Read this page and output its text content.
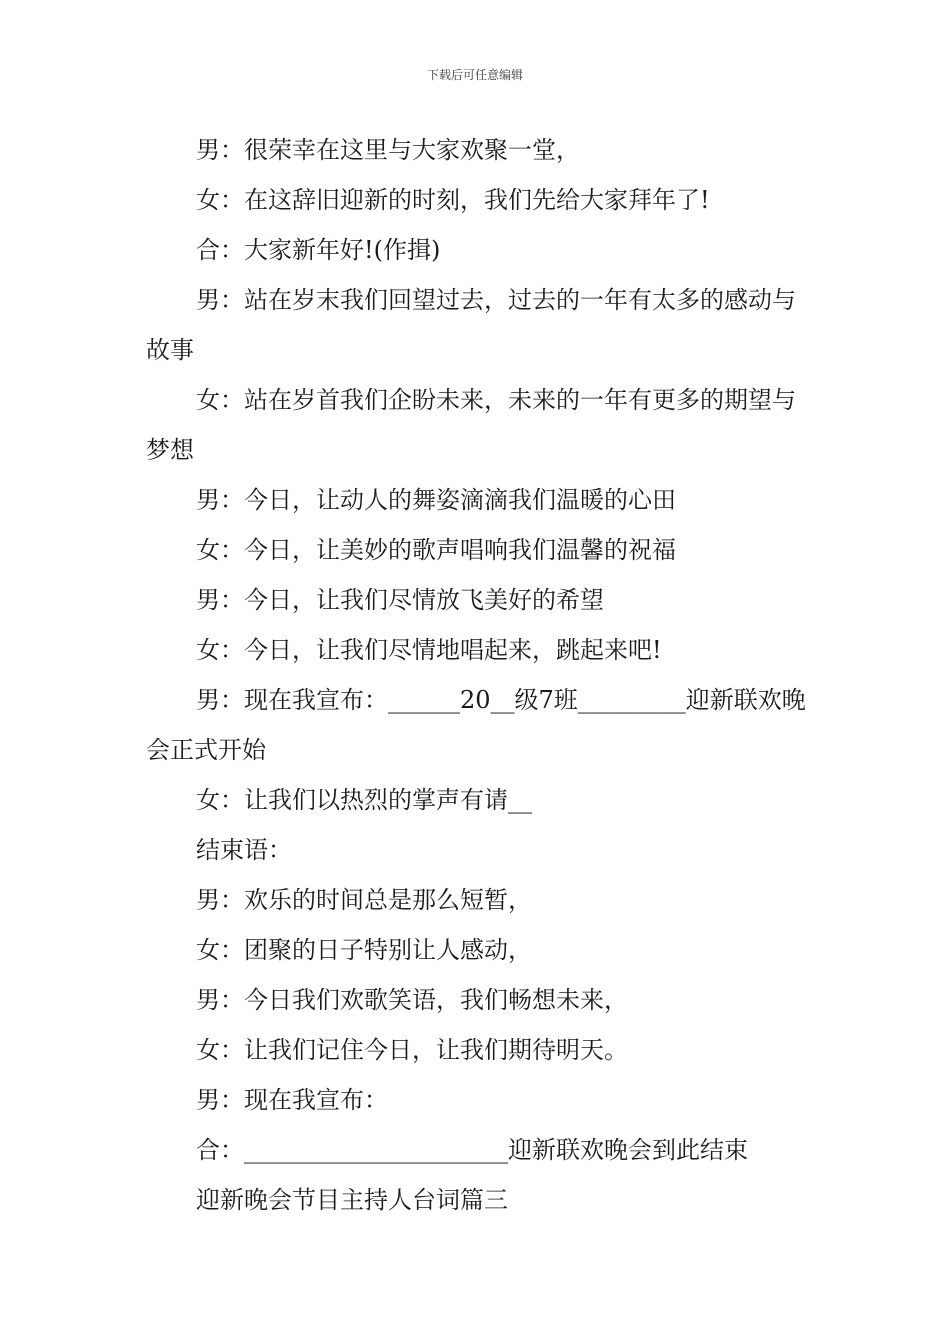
下载后可任意编辑

男：很荣幸在这里与大家欢聚一堂，

女：在这辞旧迎新的时刻，我们先给大家拜年了!

合：大家新年好!(作揖)

男：站在岁末我们回望过去，过去的一年有太多的感动与故事

女：站在岁首我们企盼未来，未来的一年有更多的期望与梦想

男：今日，让动人的舞姿滴滴我们温暖的心田

女：今日，让美妙的歌声唱响我们温馨的祝福

男：今日，让我们尽情放飞美好的希望

女：今日，让我们尽情地唱起来，跳起来吧!

男：现在我宣布：______20__级7班_________迎新联欢晚会正式开始

女：让我们以热烈的掌声有请__

结束语：

男：欢乐的时间总是那么短暂，

女：团聚的日子特别让人感动，

男：今日我们欢歌笑语，我们畅想未来，

女：让我们记住今日，让我们期待明天。

男：现在我宣布：

合：______________________迎新联欢晚会到此结束

迎新晚会节目主持人台词篇三
